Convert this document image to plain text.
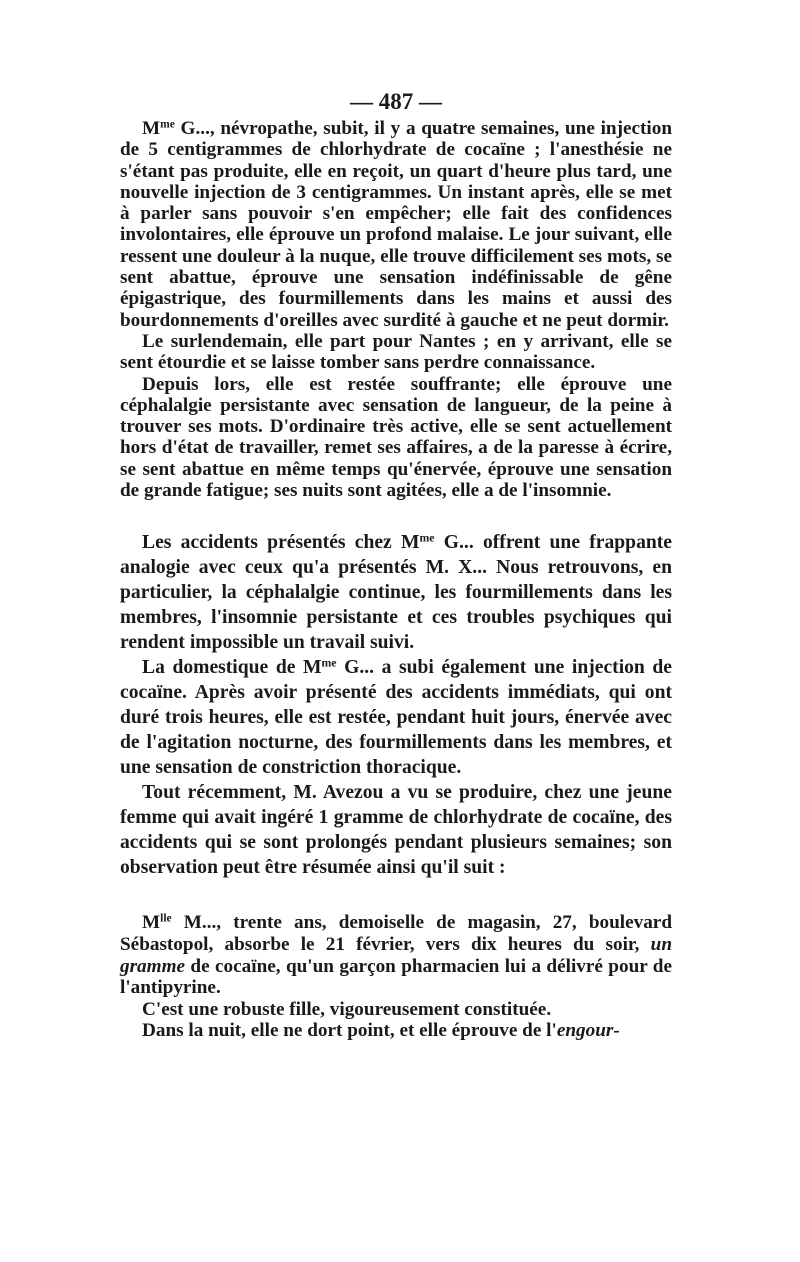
— 487 —

$M^{me}$ G..., névropathe, subit, il y a quatre semaines, une injection de 5 centigrammes de chlorhydrate de cocaïne ; l'anesthésie ne s'étant pas produite, elle en reçoit, un quart d'heure plus tard, une nouvelle injection de 3 centigrammes. Un instant après, elle se met à parler sans pouvoir s'en empêcher; elle fait des confidences involontaires, elle éprouve un profond malaise. Le jour suivant, elle ressent une douleur à la nuque, elle trouve difficilement ses mots, se sent abattue, éprouve une sensation indéfinissable de gêne épigastrique, des fourmillements dans les mains et aussi des bourdonnements d'oreilles avec surdité à gauche et ne peut dormir.

Le surlendemain, elle part pour Nantes ; en y arrivant, elle se sent étourdie et se laisse tomber sans perdre connaissance.

Depuis lors, elle est restée souffrante; elle éprouve une céphalalgie persistante avec sensation de langueur, de la peine à trouver ses mots. D'ordinaire très active, elle se sent actuellement hors d'état de travailler, remet ses affaires, a de la paresse à écrire, se sent abattue en même temps qu'énervée, éprouve une sensation de grande fatigue; ses nuits sont agitées, elle a de l'insomnie.

Les accidents présentés chez $M^{me}$ G... offrent une frappante analogie avec ceux qu'a présentés M. X... Nous retrouvons, en particulier, la céphalalgie continue, les fourmillements dans les membres, l'insomnie persistante et ces troubles psychiques qui rendent impossible un travail suivi.

La domestique de $M^{me}$ G... a subi également une injection de cocaïne. Après avoir présenté des accidents immédiats, qui ont duré trois heures, elle est restée, pendant huit jours, énervée avec de l'agitation nocturne, des fourmillements dans les membres, et une sensation de constriction thoracique.

Tout récemment, M. Avezou a vu se produire, chez une jeune femme qui avait ingéré 1 gramme de chlorhydrate de cocaïne, des accidents qui se sont prolongés pendant plusieurs semaines; son observation peut être résumée ainsi qu'il suit :

$M^{lle}$ M..., trente ans, demoiselle de magasin, 27, boulevard Sébastopol, absorbe le 21 février, vers dix heures du soir, un gramme de cocaïne, qu'un garçon pharmacien lui a délivré pour de l'antipyrine.

C'est une robuste fille, vigoureusement constituée.

Dans la nuit, elle ne dort point, et elle éprouve de l'engour-
